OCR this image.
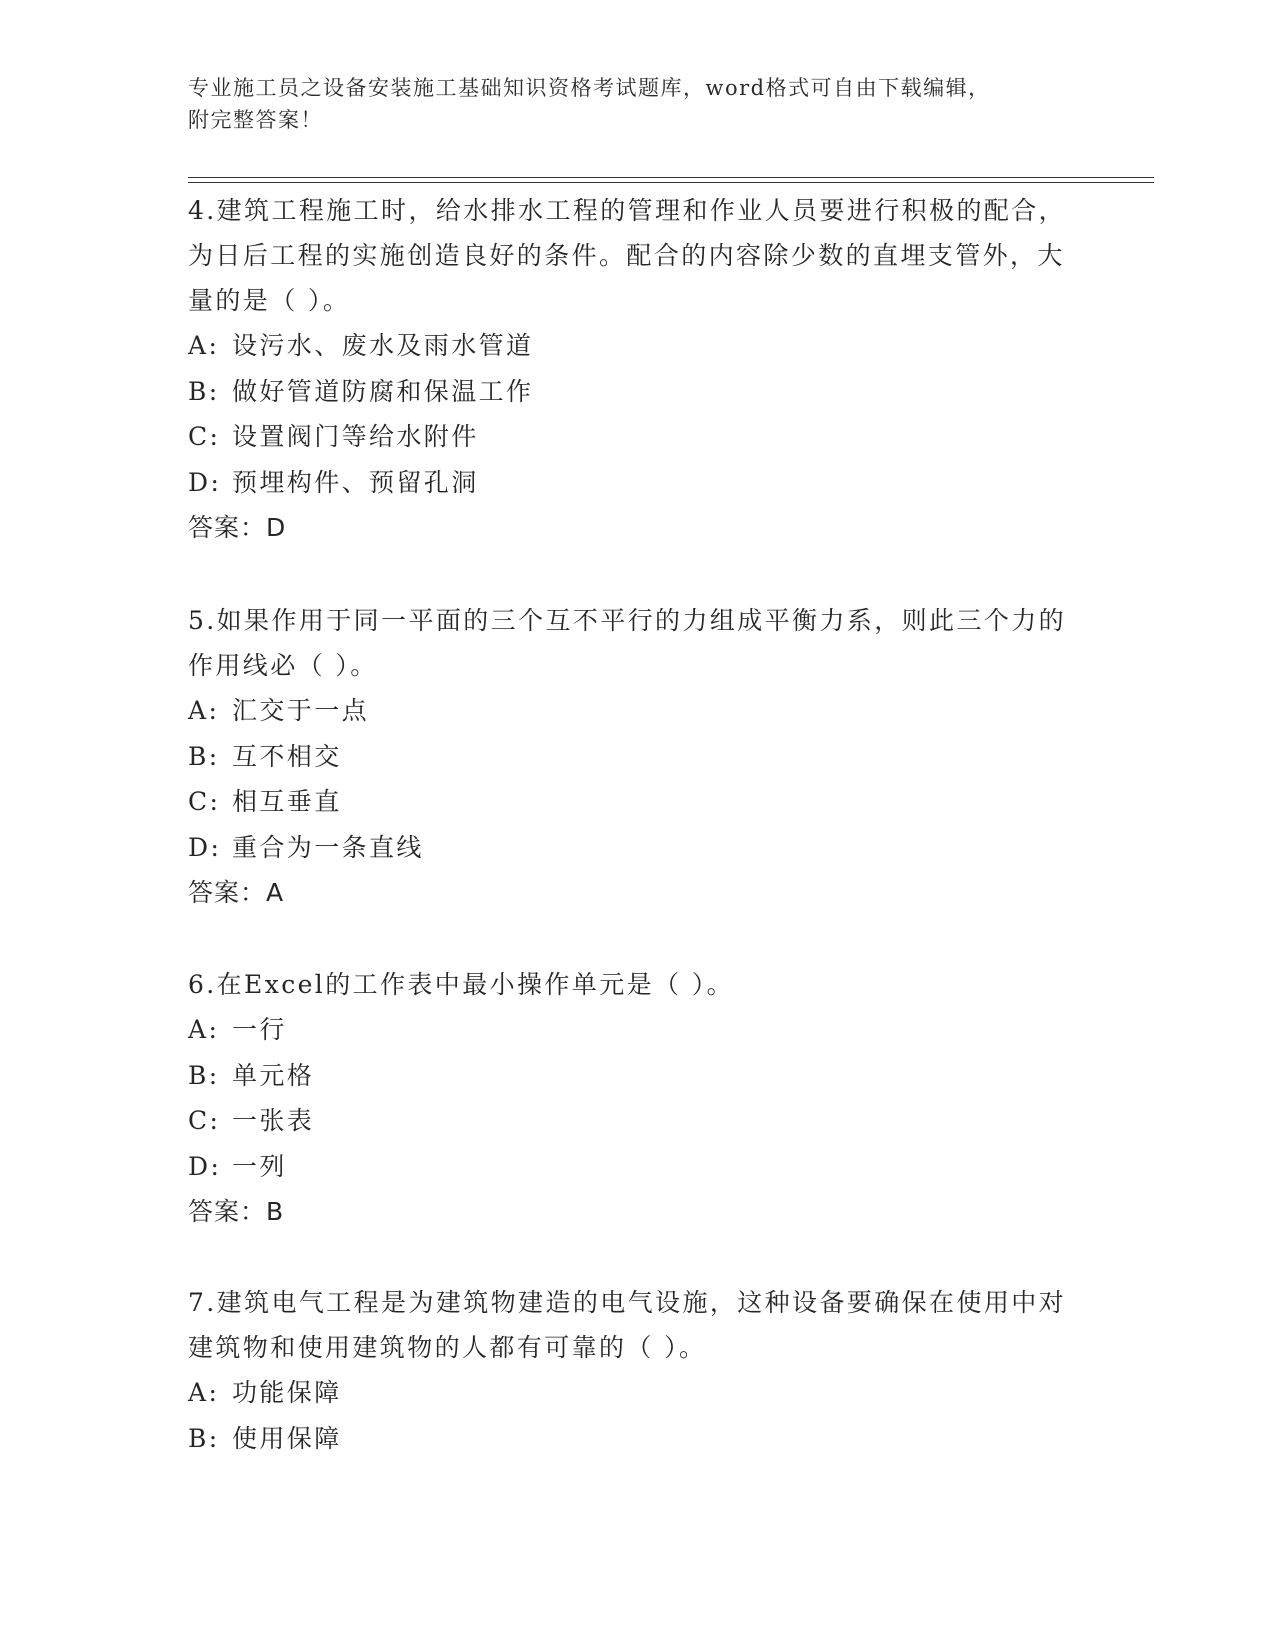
专业施工员之设备安装施工基础知识资格考试题库，word格式可自由下载编辑，
附完整答案！

4.建筑工程施工时，给水排水工程的管理和作业人员要进行积极的配合，为日后工程的实施创造良好的条件。配合的内容除少数的直埋支管外，大量的是（ ）。

A: 设污水、废水及雨水管道

B: 做好管道防腐和保温工作

C: 设置阀门等给水附件

D: 预埋构件、预留孔洞

答案：D

5.如果作用于同一平面的三个互不平行的力组成平衡力系，则此三个力的作用线必（ ）。

A: 汇交于一点

B: 互不相交

C: 相互垂直

D: 重合为一条直线

答案：A

6.在Excel的工作表中最小操作单元是（ ）。

A: 一行

B: 单元格

C: 一张表

D: 一列

答案：B

7.建筑电气工程是为建筑物建造的电气设施，这种设备要确保在使用中对建筑物和使用建筑物的人都有可靠的（ ）。

A: 功能保障

B: 使用保障
